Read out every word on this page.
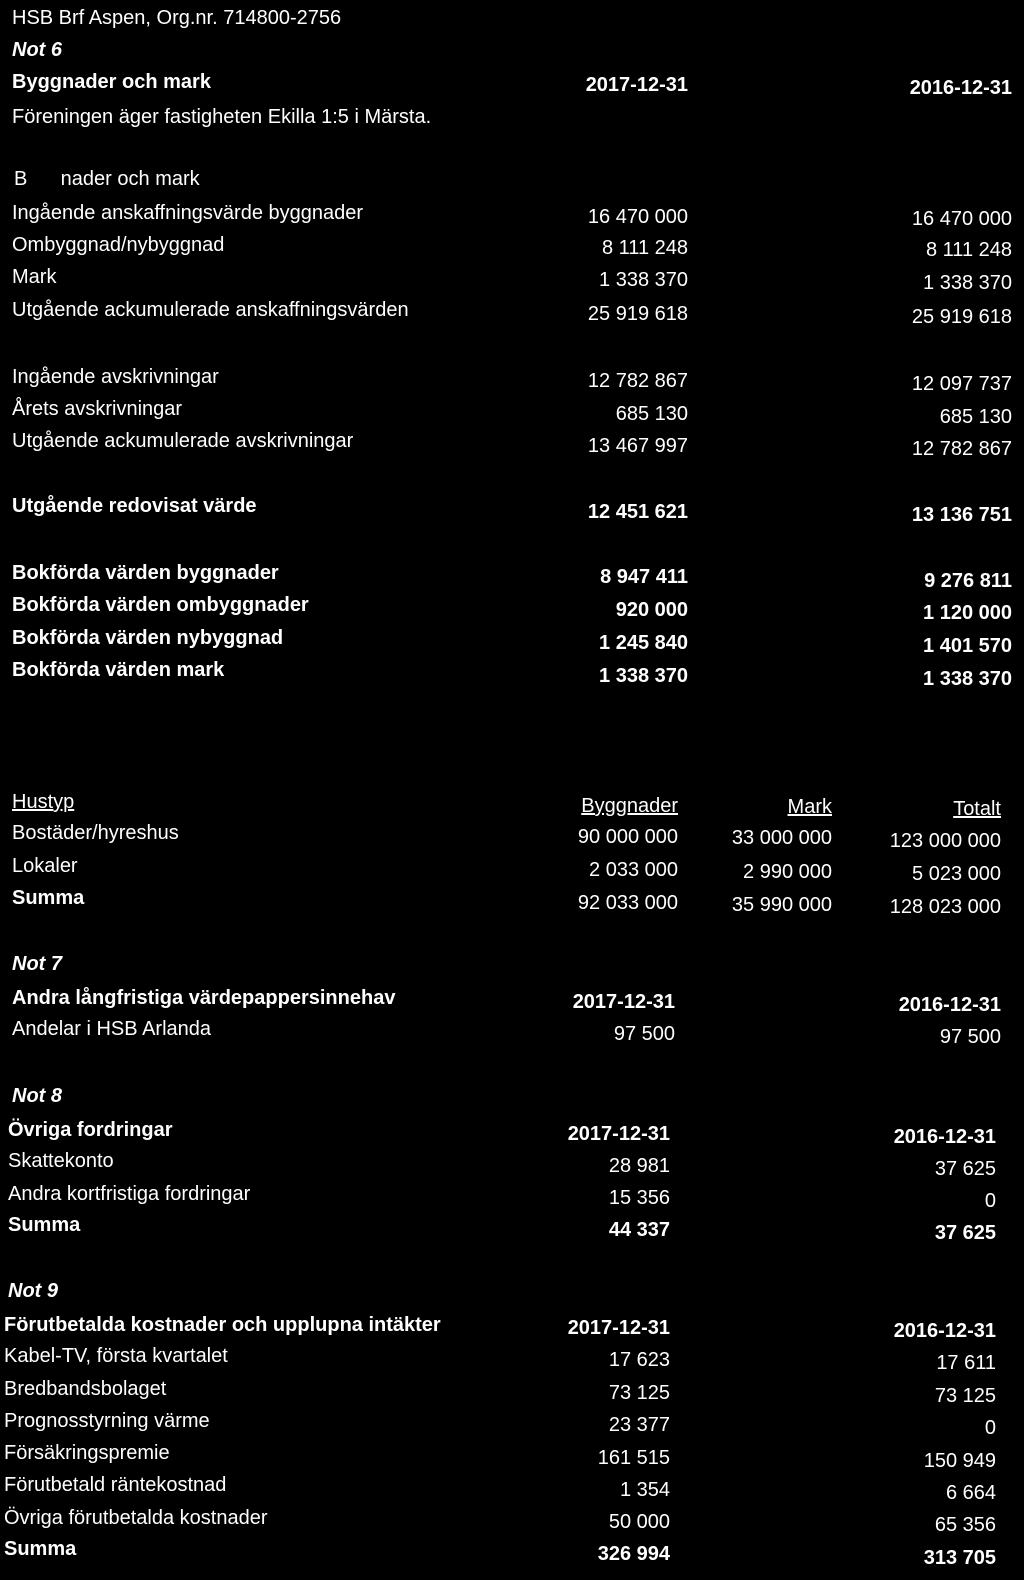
HSB Brf Aspen, Org.nr. 714800-2756
Not 6
Byggnader och mark	2017-12-31	2016-12-31
Föreningen äger fastigheten Ekilla 1:5 i Märsta.
B      nader och mark
Ingående anskaffningsvärde byggnader	16 470 000	16 470 000
Ombyggnad/nybyggnad	8 111 248	8 111 248
Mark	1 338 370	1 338 370
Utgående ackumulerade anskaffningsvärden	25 919 618	25 919 618
Ingående avskrivningar	12 782 867	12 097 737
Årets avskrivningar	685 130	685 130
Utgående ackumulerade avskrivningar	13 467 997	12 782 867
Utgående redovisat värde	12 451 621	13 136 751
Bokförda värden byggnader	8 947 411	9 276 811
Bokförda värden ombyggnader	920 000	1 120 000
Bokförda värden nybyggnad	1 245 840	1 401 570
Bokförda värden mark	1 338 370	1 338 370
Hustyp	Byggnader	Mark	Totalt
Bostäder/hyreshus	90 000 000	33 000 000	123 000 000
Lokaler	2 033 000	2 990 000	5 023 000
Summa	92 033 000	35 990 000	128 023 000
Not 7
Andra långfristiga värdepappersinnehav	2017-12-31	2016-12-31
Andelar i HSB Arlanda	97 500	97 500
Not 8
Övriga fordringar	2017-12-31	2016-12-31
Skattekonto	28 981	37 625
Andra kortfristiga fordringar	15 356	0
Summa	44 337	37 625
Not 9
Förutbetalda kostnader och upplupna intäkter	2017-12-31	2016-12-31
Kabel-TV, första kvartalet	17 623	17 611
Bredbandsbolaget	73 125	73 125
Prognosstyrning värme	23 377	0
Försäkringspremie	161 515	150 949
Förutbetald räntekostnad	1 354	6 664
Övriga förutbetalda kostnader	50 000	65 356
Summa	326 994	313 705
